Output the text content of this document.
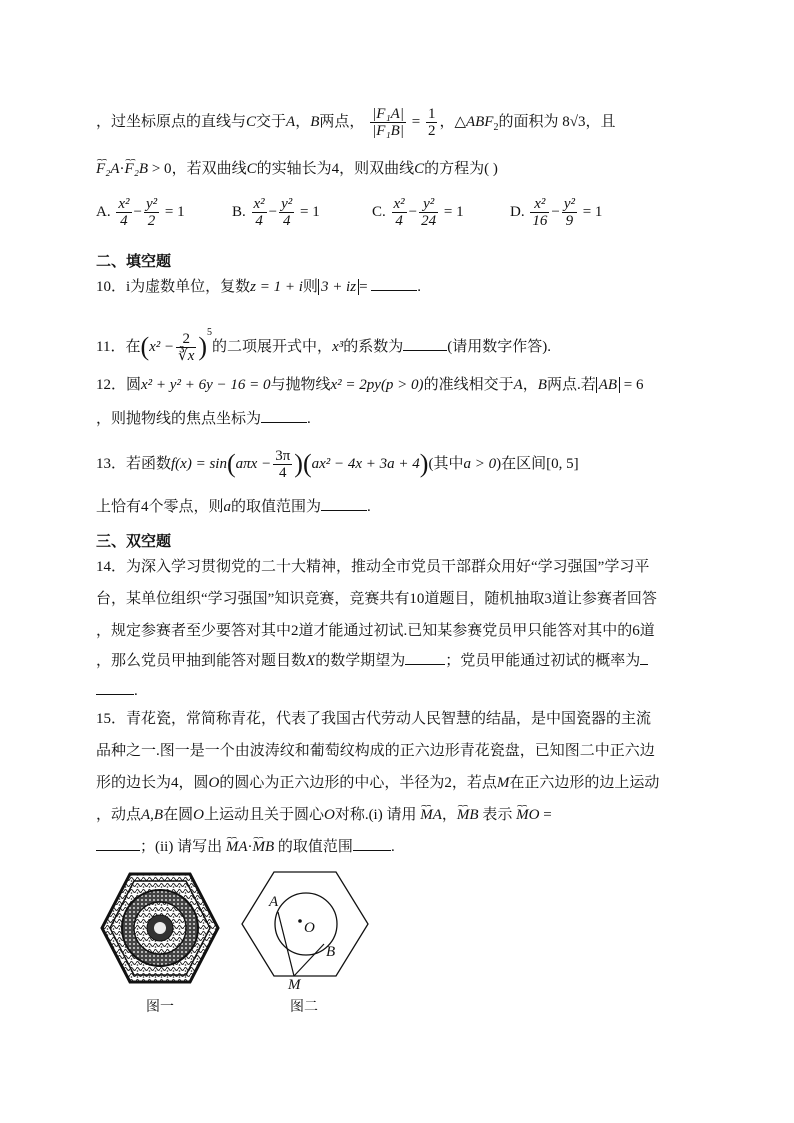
，过坐标原点的直线与C交于A，B两点， $\frac{\text{|F₁A|}}{\text{|F₁B|}} = \frac{1}{2}$ ，$\triangle ABF_2$的面积为 8√3，且
⌢⌢ F₂A·⌢⌢ F₂B > 0，若双曲线C的实轴长为4，则双曲线C的方程为( )
A. $\frac{\text{x²}}{4} - \frac{\text{y²}}{2} = 1$	B. $\frac{\text{x²}}{4} - \frac{\text{y²}}{4} = 1$	C. $\frac{\text{x²}}{4} - \frac{\text{y²}}{24} = 1$	D. $\frac{\text{x²}}{16} - \frac{\text{y²}}{9} = 1$
二、填空题
10．i为虚数单位，复数z = 1 + i则 3 + iz =	.
11．在$(x^2 - \frac{2}{∛x} )^5$的二项展开式中，x³的系数为	(请用数字作答).
12．圆x² + y² + 6y − 16 = 0与抛物线x² = 2py(p > 0)的准线相交于A，B两点.若 AB = 6
，则抛物线的焦点坐标为	.
13．若函数$f(x) = \sin(a\pi x - \frac{3\pi}{4} )(ax^2 - 4x + 3a + 4)$(其中a > 0)在区间[0, 5]
上恰有4个零点，则a的取值范围为	.
三、双空题
14．为深入学习贯彻党的二十大精神，推动全市党员干部群众用好“学习强国”学习平
台，某单位组织“学习强国”知识竞赛，竞赛共有10道题目，随机抽取3道让参赛者回答
，规定参赛者至少要答对其中2道才能通过初试.已知某参赛党员甲只能答对其中的6道
，那么党员甲抽到能答对题目数X的数学期望为	；党员甲能通过初试的概率为
.
15．青花瓷，常简称青花，代表了我国古代劳动人民智慧的结晶，是中国瓷器的主流
品种之一.图一是一个由波涛纹和葡萄纹构成的正六边形青花瓷盘，已知图二中正六边
形的边长为4，圆O的圆心为正六边形的中心，半径为2，若点M在正六边形的边上运动
，动点A,B在圆O上运动且关于圆心O对称.(i) 请用 ⌢⌢ MA，⌢⌢ MB 表示 ⌢⌢ MO =
；(ii) 请写出 ⌢⌢ MA·⌢⌢ MB 的取值范围	.
图一
A
O
B
M
图二
